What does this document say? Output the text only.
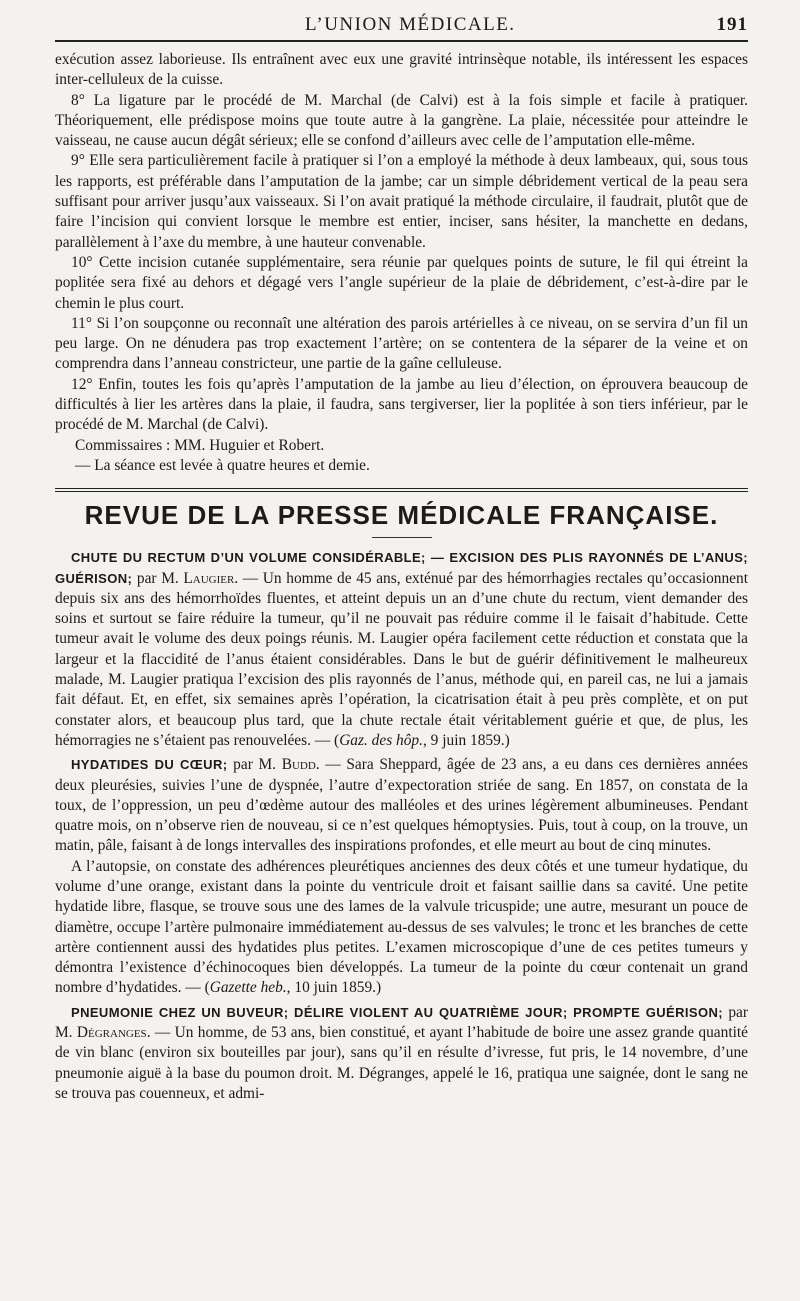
L’UNION MÉDICALE.	191

exécution assez laborieuse. Ils entraînent avec eux une gravité intrinsèque notable, ils intéressent les espaces inter-celluleux de la cuisse.

8° La ligature par le procédé de M. Marchal (de Calvi) est à la fois simple et facile à pratiquer. Théoriquement, elle prédispose moins que toute autre à la gangrène. La plaie, nécessitée pour atteindre le vaisseau, ne cause aucun dégât sérieux; elle se confond d’ailleurs avec celle de l’amputation elle-même.

9° Elle sera particulièrement facile à pratiquer si l’on a employé la méthode à deux lambeaux, qui, sous tous les rapports, est préférable dans l’amputation de la jambe; car un simple débridement vertical de la peau sera suffisant pour arriver jusqu’aux vaisseaux. Si l’on avait pratiqué la méthode circulaire, il faudrait, plutôt que de faire l’incision qui convient lorsque le membre est entier, inciser, sans hésiter, la manchette en dedans, parallèlement à l’axe du membre, à une hauteur convenable.

10° Cette incision cutanée supplémentaire, sera réunie par quelques points de suture, le fil qui étreint la poplitée sera fixé au dehors et dégagé vers l’angle supérieur de la plaie de débridement, c’est-à-dire par le chemin le plus court.

11° Si l’on soupçonne ou reconnaît une altération des parois artérielles à ce niveau, on se servira d’un fil un peu large. On ne dénudera pas trop exactement l’artère; on se contentera de la séparer de la veine et on comprendra dans l’anneau constricteur, une partie de la gaîne celluleuse.

12° Enfin, toutes les fois qu’après l’amputation de la jambe au lieu d’élection, on éprouvera beaucoup de difficultés à lier les artères dans la plaie, il faudra, sans tergiverser, lier la poplitée à son tiers inférieur, par le procédé de M. Marchal (de Calvi).

Commissaires : MM. Huguier et Robert.

— La séance est levée à quatre heures et demie.

REVUE DE LA PRESSE MÉDICALE FRANÇAISE.

CHUTE DU RECTUM D’UN VOLUME CONSIDÉRABLE; — EXCISION DES PLIS RAYONNÉS DE L’ANUS; GUÉRISON; par M. Laugier. — Un homme de 45 ans, exténué par des hémorrhagies rectales qu’occasionnent depuis six ans des hémorrhoïdes fluentes, et atteint depuis un an d’une chute du rectum, vient demander des soins et surtout se faire réduire la tumeur, qu’il ne pouvait pas réduire comme il le faisait d’habitude. Cette tumeur avait le volume des deux poings réunis. M. Laugier opéra facilement cette réduction et constata que la largeur et la flaccidité de l’anus étaient considérables. Dans le but de guérir définitivement le malheureux malade, M. Laugier pratiqua l’excision des plis rayonnés de l’anus, méthode qui, en pareil cas, ne lui a jamais fait défaut. Et, en effet, six semaines après l’opération, la cicatrisation était à peu près complète, et on put constater alors, et beaucoup plus tard, que la chute rectale était véritablement guérie et que, de plus, les hémorragies ne s’étaient pas renouvelées. — (Gaz. des hôp., 9 juin 1859.)

HYDATIDES DU CŒUR; par M. Budd. — Sara Sheppard, âgée de 23 ans, a eu dans ces dernières années deux pleurésies, suivies l’une de dyspnée, l’autre d’expectoration striée de sang. En 1857, on constata de la toux, de l’oppression, un peu d’œdème autour des malléoles et des urines légèrement albumineuses. Pendant quatre mois, on n’observe rien de nouveau, si ce n’est quelques hémoptysies. Puis, tout à coup, on la trouve, un matin, pâle, faisant à de longs intervalles des inspirations profondes, et elle meurt au bout de cinq minutes.

A l’autopsie, on constate des adhérences pleurétiques anciennes des deux côtés et une tumeur hydatique, du volume d’une orange, existant dans la pointe du ventricule droit et faisant saillie dans sa cavité. Une petite hydatide libre, flasque, se trouve sous une des lames de la valvule tricuspide; une autre, mesurant un pouce de diamètre, occupe l’artère pulmonaire immédiatement au-dessus de ses valvules; le tronc et les branches de cette artère contiennent aussi des hydatides plus petites. L’examen microscopique d’une de ces petites tumeurs y démontra l’existence d’échinocoques bien développés. La tumeur de la pointe du cœur contenait un grand nombre d’hydatides. — (Gazette heb., 10 juin 1859.)

PNEUMONIE CHEZ UN BUVEUR; DÉLIRE VIOLENT AU QUATRIÈME JOUR; PROMPTE GUÉRISON; par M. Dégranges. — Un homme, de 53 ans, bien constitué, et ayant l’habitude de boire une assez grande quantité de vin blanc (environ six bouteilles par jour), sans qu’il en résulte d’ivresse, fut pris, le 14 novembre, d’une pneumonie aiguë à la base du poumon droit. M. Dégranges, appelé le 16, pratiqua une saignée, dont le sang ne se trouva pas couenneux, et admi-
